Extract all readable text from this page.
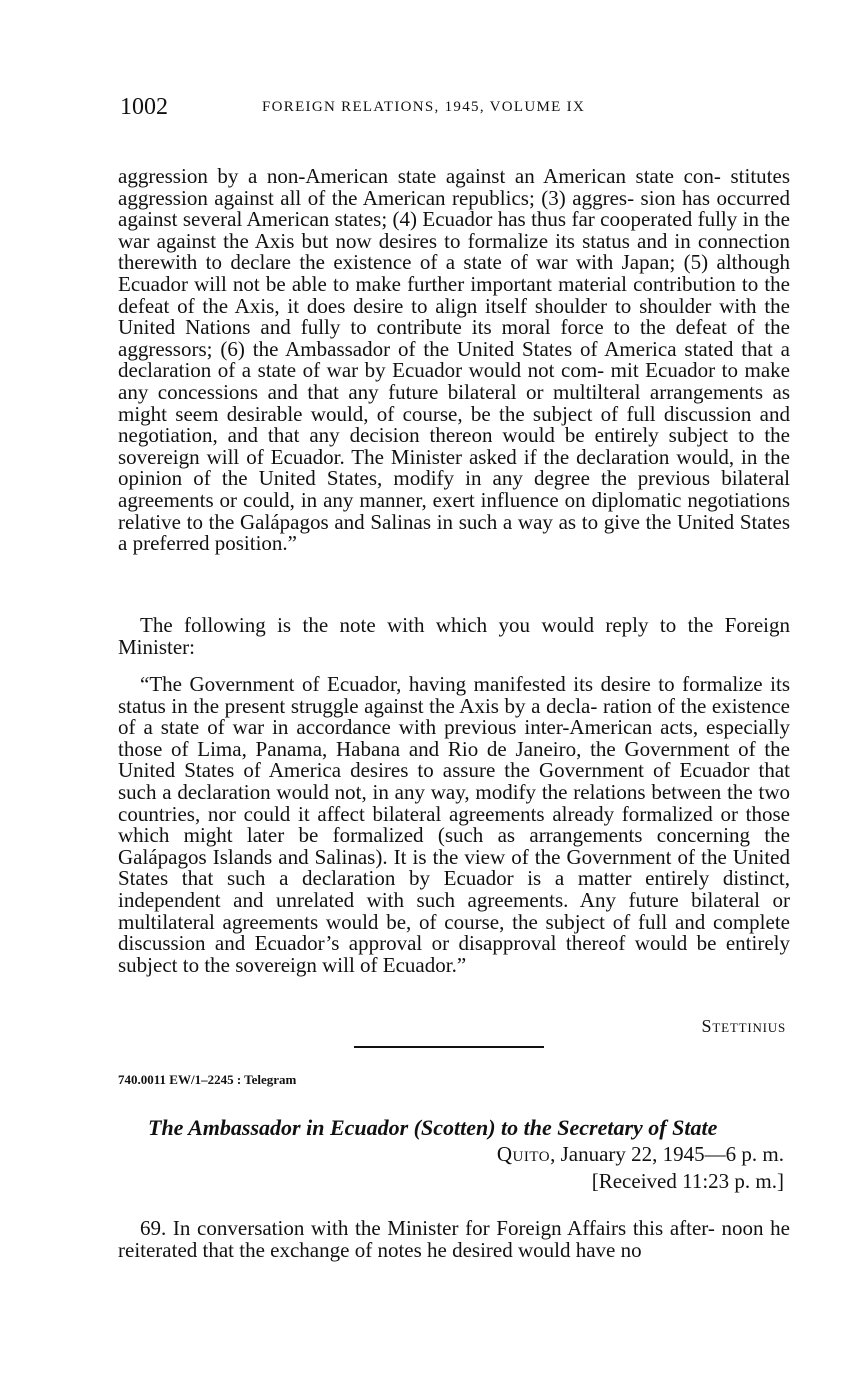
1002	FOREIGN RELATIONS, 1945, VOLUME IX

aggression by a non-American state against an American state con- stitutes aggression against all of the American republics; (3) aggres- sion has occurred against several American states; (4) Ecuador has thus far cooperated fully in the war against the Axis but now desires to formalize its status and in connection therewith to declare the existence of a state of war with Japan; (5) although Ecuador will not be able to make further important material contribution to the defeat of the Axis, it does desire to align itself shoulder to shoulder with the United Nations and fully to contribute its moral force to the defeat of the aggressors; (6) the Ambassador of the United States of America stated that a declaration of a state of war by Ecuador would not com- mit Ecuador to make any concessions and that any future bilateral or multilteral arrangements as might seem desirable would, of course, be the subject of full discussion and negotiation, and that any decision thereon would be entirely subject to the sovereign will of Ecuador. The Minister asked if the declaration would, in the opinion of the United States, modify in any degree the previous bilateral agreements or could, in any manner, exert influence on diplomatic negotiations relative to the Galápagos and Salinas in such a way as to give the United States a preferred position.”

The following is the note with which you would reply to the Foreign Minister:

“The Government of Ecuador, having manifested its desire to formalize its status in the present struggle against the Axis by a decla- ration of the existence of a state of war in accordance with previous inter-American acts, especially those of Lima, Panama, Habana and Rio de Janeiro, the Government of the United States of America desires to assure the Government of Ecuador that such a declaration would not, in any way, modify the relations between the two countries, nor could it affect bilateral agreements already formalized or those which might later be formalized (such as arrangements concerning the Galápagos Islands and Salinas). It is the view of the Government of the United States that such a declaration by Ecuador is a matter entirely distinct, independent and unrelated with such agreements. Any future bilateral or multilateral agreements would be, of course, the subject of full and complete discussion and Ecuador’s approval or disapproval thereof would be entirely subject to the sovereign will of Ecuador.”

Stettinius
740.0011 EW/1–2245 : Telegram
The Ambassador in Ecuador (Scotten) to the Secretary of State
Quito, January 22, 1945—6 p. m.
[Received 11:23 p. m.]

69. In conversation with the Minister for Foreign Affairs this after- noon he reiterated that the exchange of notes he desired would have no
